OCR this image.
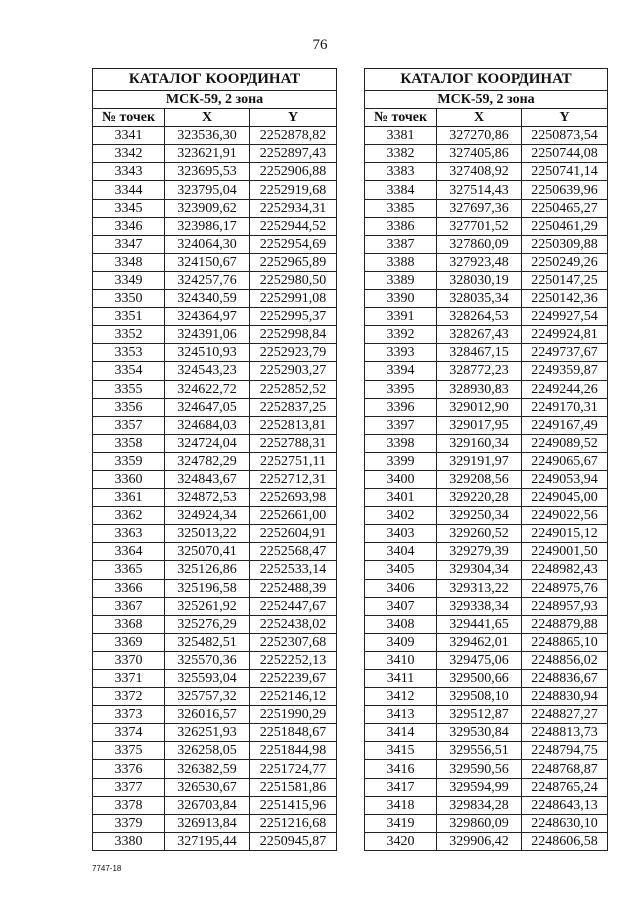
76
КАТАЛОГ КООРДИНАТ		
МСК-59, 2 зона		
№ точек	X	Y
3341	323536,30	2252878,82
3342	323621,91	2252897,43
3343	323695,53	2252906,88
3344	323795,04	2252919,68
3345	323909,62	2252934,31
3346	323986,17	2252944,52
3347	324064,30	2252954,69
3348	324150,67	2252965,89
3349	324257,76	2252980,50
3350	324340,59	2252991,08
3351	324364,97	2252995,37
3352	324391,06	2252998,84
3353	324510,93	2252923,79
3354	324543,23	2252903,27
3355	324622,72	2252852,52
3356	324647,05	2252837,25
3357	324684,03	2252813,81
3358	324724,04	2252788,31
3359	324782,29	2252751,11
3360	324843,67	2252712,31
3361	324872,53	2252693,98
3362	324924,34	2252661,00
3363	325013,22	2252604,91
3364	325070,41	2252568,47
3365	325126,86	2252533,14
3366	325196,58	2252488,39
3367	325261,92	2252447,67
3368	325276,29	2252438,02
3369	325482,51	2252307,68
3370	325570,36	2252252,13
3371	325593,04	2252239,67
3372	325757,32	2252146,12
3373	326016,57	2251990,29
3374	326251,93	2251848,67
3375	326258,05	2251844,98
3376	326382,59	2251724,77
3377	326530,67	2251581,86
3378	326703,84	2251415,96
3379	326913,84	2251216,68
3380	327195,44	2250945,87
КАТАЛОГ КООРДИНАТ		
МСК-59, 2 зона		
№ точек	X	Y
3381	327270,86	2250873,54
3382	327405,86	2250744,08
3383	327408,92	2250741,14
3384	327514,43	2250639,96
3385	327697,36	2250465,27
3386	327701,52	2250461,29
3387	327860,09	2250309,88
3388	327923,48	2250249,26
3389	328030,19	2250147,25
3390	328035,34	2250142,36
3391	328264,53	2249927,54
3392	328267,43	2249924,81
3393	328467,15	2249737,67
3394	328772,23	2249359,87
3395	328930,83	2249244,26
3396	329012,90	2249170,31
3397	329017,95	2249167,49
3398	329160,34	2249089,52
3399	329191,97	2249065,67
3400	329208,56	2249053,94
3401	329220,28	2249045,00
3402	329250,34	2249022,56
3403	329260,52	2249015,12
3404	329279,39	2249001,50
3405	329304,34	2248982,43
3406	329313,22	2248975,76
3407	329338,34	2248957,93
3408	329441,65	2248879,88
3409	329462,01	2248865,10
3410	329475,06	2248856,02
3411	329500,66	2248836,67
3412	329508,10	2248830,94
3413	329512,87	2248827,27
3414	329530,84	2248813,73
3415	329556,51	2248794,75
3416	329590,56	2248768,87
3417	329594,99	2248765,24
3418	329834,28	2248643,13
3419	329860,09	2248630,10
3420	329906,42	2248606,58
7747-18
